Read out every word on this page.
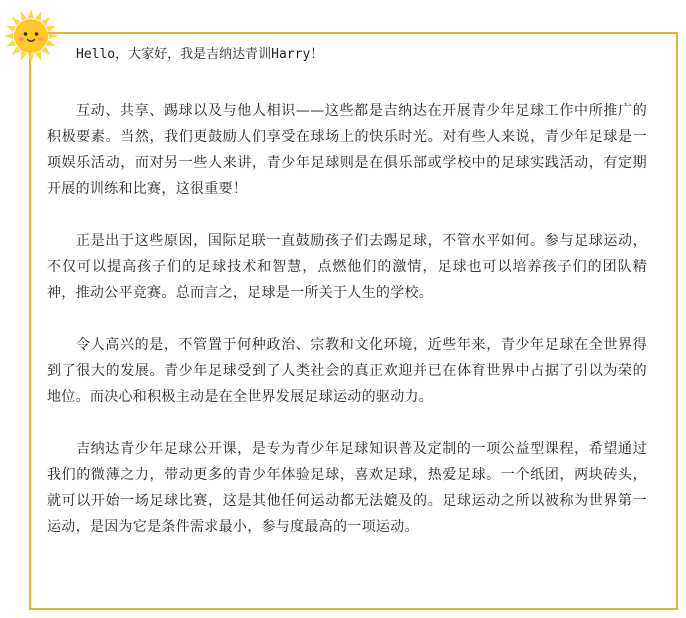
Hello，大家好，我是吉纳达青训Harry！

互动、共享、踢球以及与他人相识——这些都是吉纳达在开展青少年足球工作中所推广的积极要素。当然，我们更鼓励人们享受在球场上的快乐时光。对有些人来说，青少年足球是一项娱乐活动，而对另一些人来讲，青少年足球则是在俱乐部或学校中的足球实践活动，有定期开展的训练和比赛，这很重要！

正是出于这些原因，国际足联一直鼓励孩子们去踢足球，不管水平如何。参与足球运动，不仅可以提高孩子们的足球技术和智慧，点燃他们的激情，足球也可以培养孩子们的团队精神，推动公平竞赛。总而言之，足球是一所关于人生的学校。

令人高兴的是，不管置于何种政治、宗教和文化环境，近些年来，青少年足球在全世界得到了很大的发展。青少年足球受到了人类社会的真正欢迎并已在体育世界中占据了引以为荣的地位。而决心和积极主动是在全世界发展足球运动的驱动力。

吉纳达青少年足球公开课，是专为青少年足球知识普及定制的一项公益型课程，希望通过我们的微薄之力，带动更多的青少年体验足球，喜欢足球，热爱足球。一个纸团，两块砖头，就可以开始一场足球比赛，这是其他任何运动都无法媲及的。足球运动之所以被称为世界第一运动，是因为它是条件需求最小，参与度最高的一项运动。
